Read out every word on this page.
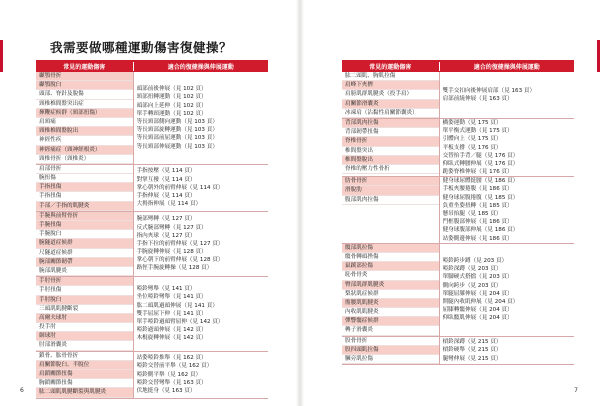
我需要做哪種運動傷害復健操？
常見的運動傷害	適合的復健操與伸展運動
顳顎骨折
顳顎脫臼
頭部、脊針及脫傷
頸椎椎間盤突出症
揮鞭症候群（頸部扭傷）
肩頸痛
頸椎椎間盤脫出
神經性疾
神經痛症（頸神經根炎）
頸椎骨折（頸椎炎）
頭部前後伸展（見 102 頁）
頸部扭轉運動（見 102 頁）
頭部向上延伸（見 102 頁）
單手轉頸運動（見 102 頁）
等長頸部側向運動（見 103 頁）
等長頸部旋轉運動（見 103 頁）
等長頸部前屈運動（見 103 頁）
等長頸部伸展運動（見 103 頁）
肩部骨折
腕扭傷
手指扭傷
手指扭傷
手部／手指的肌腱炎
手指按壓（見 114 頁）
對掌互撥（見 114 頁）
掌心朝外的前臂伸展（見 114 頁）
手指伸展（見 114 頁）
大拇指伸展（見 114 頁）
手腕與前臂骨折
手腕扭傷
手腕脫臼
腕隧道症候群
尺隧道症候群
腕部關節韌帶
腕部肌腱炎
腕部彎轉（見 127 頁）
反式腕部彎轉（見 127 頁）
指內夾球（見 127 頁）
手指下拉的前臂伸展（見 127 頁）
手腕旋轉伸展（見 128 頁）
掌心朝下的前臂伸展（見 128 頁）
路徑手腕旋轉操（見 128 頁）
手肘骨折
手肘扭傷
手肘脫臼
三頭肌肌腱斷裂
高爾夫球肘
投手肘
網球肘
肘部滑囊炎
啞鈴彎舉（見 141 頁）
坐位啞鈴彎舉（見 141 頁）
肱二頭肌過頭伸展（見 141 頁）
雙手屈屈下伸（見 141 頁）
單手啞鈴過頭臂屈伸（見 142 頁）
啞鈴過頭伸展（見 142 頁）
木棍旋轉伸展（見 142 頁）
鎖骨、肱骨骨折
肩關節脫臼、半脫位
肩鎖關節扭傷
胸鎖關節扭傷
肱二頭肌肌腱斷裂與肌腱炎
站姿啞鈴推舉（見 162 頁）
啞鈴交替前平舉（見 162 頁）
啞鈴側平舉（見 162 頁）
啞鈴交替彎舉（見 163 頁）
伏地挺身（見 163 頁）
6
常見的運動傷害	適合的復健操與伸展運動
肱二頭肌、胸肌拉傷
肩峰下夾擠
肩膀肌群肌腱炎（投手肩）
肩關節滑囊炎
冰凍肩（沾黏性肩關節囊炎）
雙手交扣向後伸展肩部（見 163 頁）
肩部前繞伸展（見 163 頁）
背部肌肉拉傷
背部韌帶扭傷
脊椎骨折
椎間盤突出
椎間盤脫出
脊椎的壓力性骨折
橋姿運動（見 175 頁）
單平衡式運動（見 175 頁）
引體向上（見 175 頁）
平板支撐（見 176 頁）
交替抬手背／腿（見 176 頁）
仰臥式轉腰伸展（見 176 頁）
跪姿脊椎伸展（見 176 頁）
肋骨骨折
滑脫肋
腹部肌肉拉傷
健身球屈體挺腰（見 186 頁）
手板夾腰捲腹（見 186 頁）
健身球屈腹捲腹（見 185 頁）
負重坐姿扭轉（見 185 頁）
懸吊抬腿（見 185 頁）
門框腹部伸展（見 186 頁）
健身球腹部伸展（見 186 頁）
站姿側邊伸展（見 186 頁）
髖部肌拉傷
髖骨轉頭挫傷
鼠蹊部拉傷
恥骨骨炎
臀部肌群肌腱炎
梨狀肌症候群
髂腰肌肌腱炎
內收肌肌腱炎
彈響髖症候群
轉子滑囊炎
啞鈴跨步蹲（見 203 頁）
啞鈴深蹲（見 203 頁）
單腳硬式搭擋（見 203 頁）
側向跨步（見 203 頁）
單腿屈膝伸展（見 204 頁）
開腿內收肌伸展（見 204 頁）
屈膝轉髖伸展（見 204 頁）
仰臥髖肌伸展（見 204 頁）
股骨骨折
股四頭肌拉傷
膕旁肌拉傷
槓鈴深蹲（見 215 頁）
槓鈴硬舉（見 215 頁）
腿彎伸展（見 215 頁）
7
